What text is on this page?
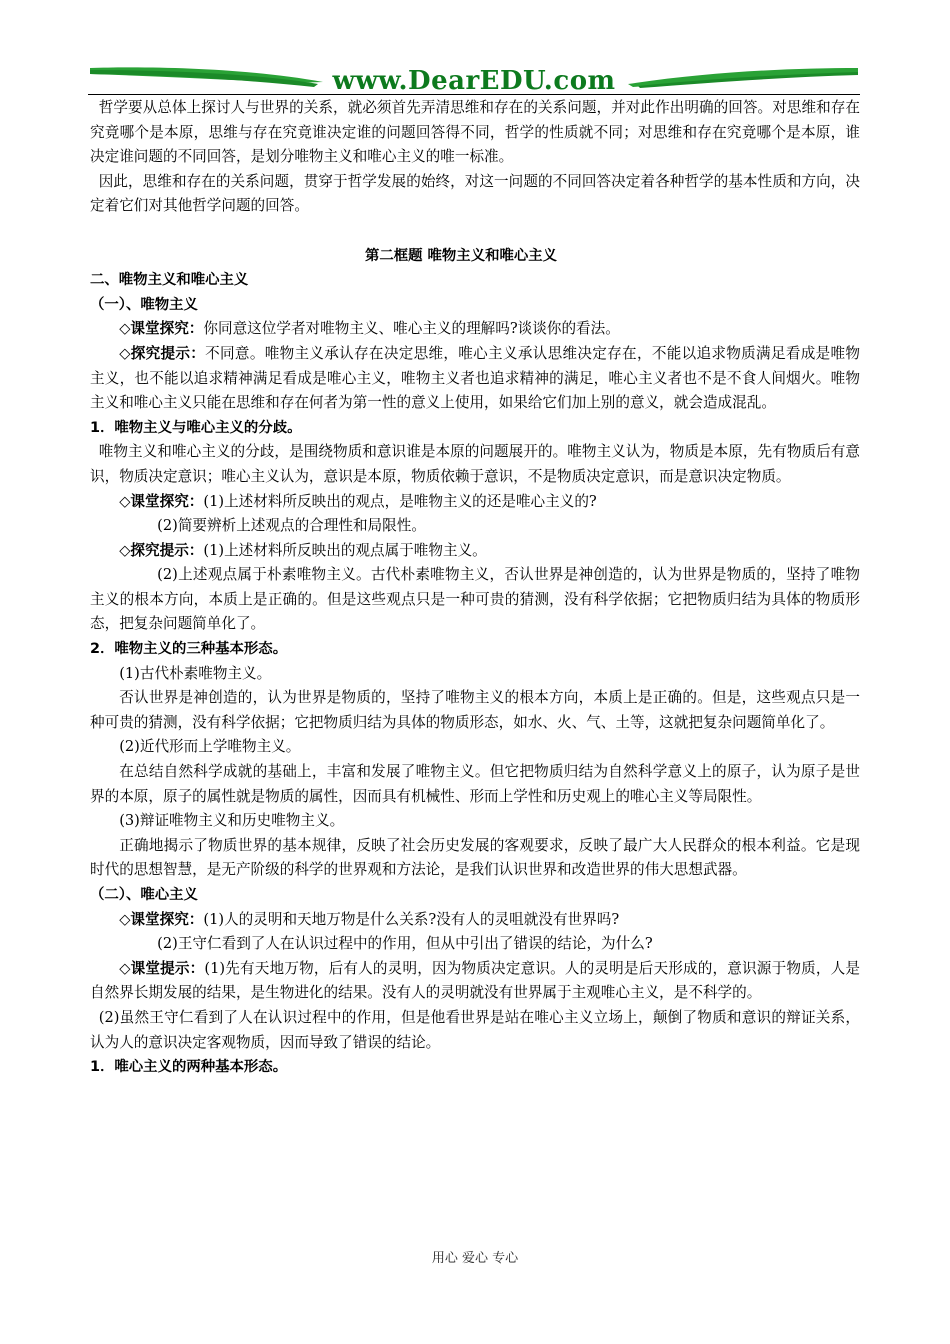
www.DearEDU.com

哲学要从总体上探讨人与世界的关系，就必须首先弄清思维和存在的关系问题，并对此作出明确的回答。对思维和存在究竟哪个是本原，思维与存在究竟谁决定谁的问题回答得不同，哲学的性质就不同；对思维和存在究竟哪个是本原，谁决定谁问题的不同回答，是划分唯物主义和唯心主义的唯一标准。

因此，思维和存在的关系问题，贯穿于哲学发展的始终，对这一问题的不同回答决定着各种哲学的基本性质和方向，决定着它们对其他哲学问题的回答。

第二框题 唯物主义和唯心主义

二、唯物主义和唯心主义

（一）、唯物主义

◇课堂探究：你同意这位学者对唯物主义、唯心主义的理解吗?谈谈你的看法。

◇探究提示：不同意。唯物主义承认存在决定思维，唯心主义承认思维决定存在，不能以追求物质满足看成是唯物主义，也不能以追求精神满足看成是唯心主义，唯物主义者也追求精神的满足，唯心主义者也不是不食人间烟火。唯物主义和唯心主义只能在思维和存在何者为第一性的意义上使用，如果给它们加上别的意义，就会造成混乱。

1．唯物主义与唯心主义的分歧。

唯物主义和唯心主义的分歧，是围绕物质和意识谁是本原的问题展开的。唯物主义认为，物质是本原，先有物质后有意识，物质决定意识；唯心主义认为，意识是本原，物质依赖于意识，不是物质决定意识，而是意识决定物质。

◇课堂探究：(1)上述材料所反映出的观点，是唯物主义的还是唯心主义的?

(2)简要辨析上述观点的合理性和局限性。

◇探究提示：(1)上述材料所反映出的观点属于唯物主义。

(2)上述观点属于朴素唯物主义。古代朴素唯物主义，否认世界是神创造的，认为世界是物质的，坚持了唯物主义的根本方向，本质上是正确的。但是这些观点只是一种可贵的猜测，没有科学依据；它把物质归结为具体的物质形态，把复杂问题简单化了。

2．唯物主义的三种基本形态。

(1)古代朴素唯物主义。

否认世界是神创造的，认为世界是物质的，坚持了唯物主义的根本方向，本质上是正确的。但是，这些观点只是一种可贵的猜测，没有科学依据；它把物质归结为具体的物质形态，如水、火、气、土等，这就把复杂问题简单化了。

(2)近代形而上学唯物主义。

在总结自然科学成就的基础上，丰富和发展了唯物主义。但它把物质归结为自然科学意义上的原子，认为原子是世界的本原，原子的属性就是物质的属性，因而具有机械性、形而上学性和历史观上的唯心主义等局限性。

(3)辩证唯物主义和历史唯物主义。

正确地揭示了物质世界的基本规律，反映了社会历史发展的客观要求，反映了最广大人民群众的根本利益。它是现时代的思想智慧，是无产阶级的科学的世界观和方法论，是我们认识世界和改造世界的伟大思想武器。

（二）、唯心主义

◇课堂探究：(1)人的灵明和天地万物是什么关系?没有人的灵咀就没有世界吗?

(2)王守仁看到了人在认识过程中的作用，但从中引出了错误的结论，为什么?

◇课堂提示：(1)先有天地万物，后有人的灵明，因为物质决定意识。人的灵明是后天形成的，意识源于物质，人是自然界长期发展的结果，是生物进化的结果。没有人的灵明就没有世界属于主观唯心主义，是不科学的。

(2)虽然王守仁看到了人在认识过程中的作用，但是他看世界是站在唯心主义立场上，颠倒了物质和意识的辩证关系，认为人的意识决定客观物质，因而导致了错误的结论。

1．唯心主义的两种基本形态。

用心 爱心 专心
